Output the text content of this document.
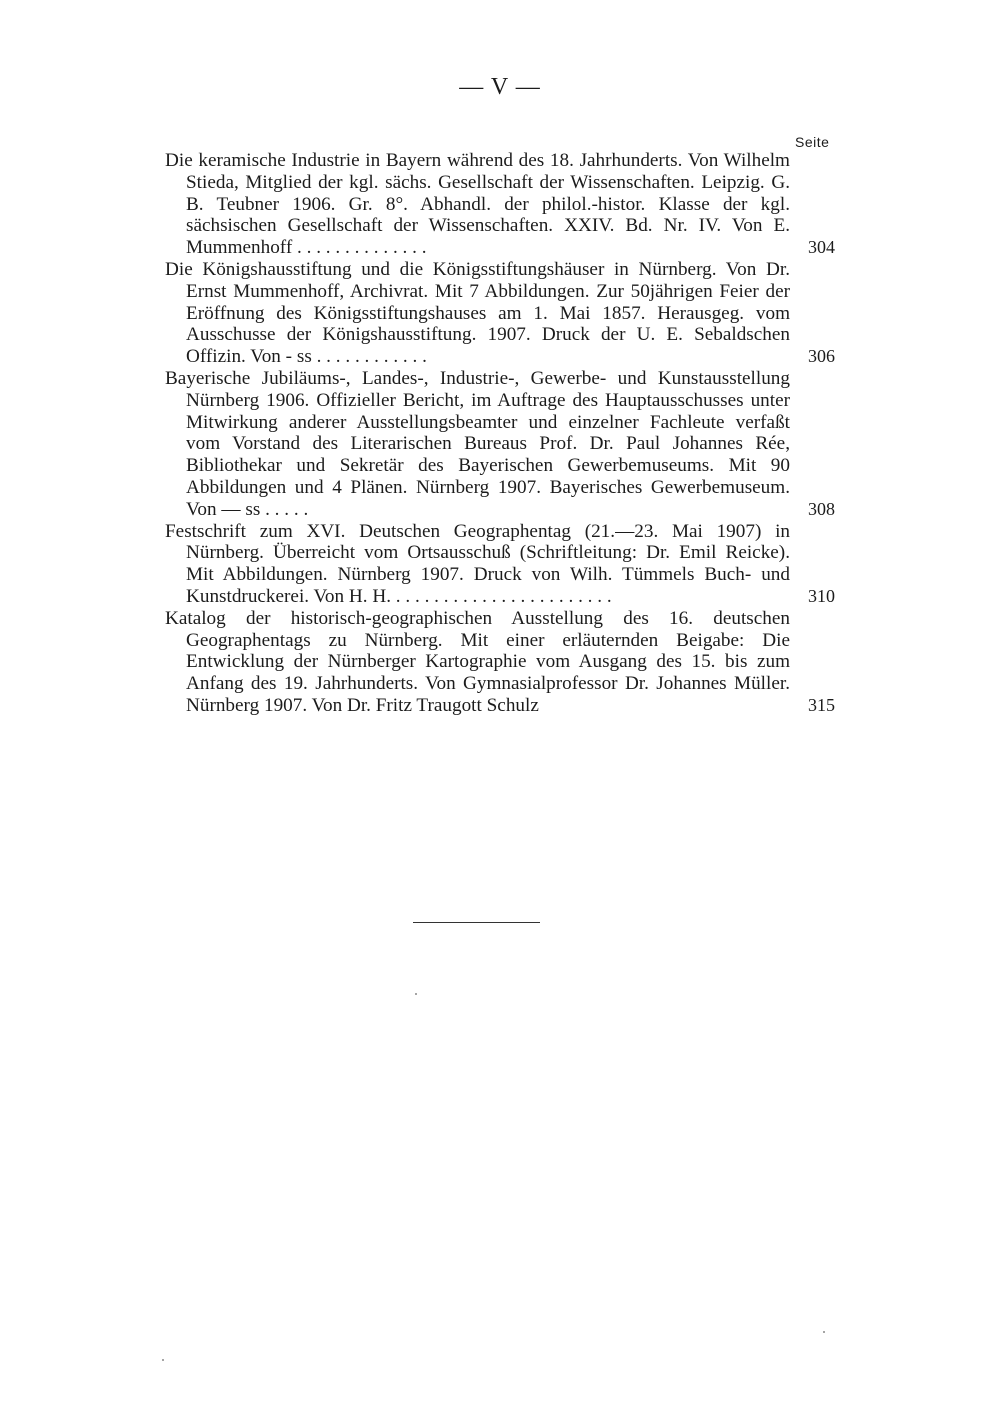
— V —
Seite
Die keramische Industrie in Bayern während des 18. Jahrhunderts. Von Wilhelm Stieda, Mitglied der kgl. sächs. Gesellschaft der Wissenschaften. Leipzig. G. B. Teubner 1906. Gr. 8°. Abhandl. der philol.-histor. Klasse der kgl. sächsischen Gesellschaft der Wissenschaften. XXIV. Bd. Nr. IV. Von E. Mummenhoff . . . . . . . . . . . . . .	304
Die Königshausstiftung und die Königsstiftungshäuser in Nürnberg. Von Dr. Ernst Mummenhoff, Archivrat. Mit 7 Abbildungen. Zur 50jährigen Feier der Eröffnung des Königsstiftungshauses am 1. Mai 1857. Herausgeg. vom Ausschusse der Königshausstiftung. 1907. Druck der U. E. Sebaldschen Offizin. Von - ss . . . . . . . . . . . .	306
Bayerische Jubiläums-, Landes-, Industrie-, Gewerbe- und Kunstausstellung Nürnberg 1906. Offizieller Bericht, im Auftrage des Hauptausschusses unter Mitwirkung anderer Ausstellungsbeamter und einzelner Fachleute verfaßt vom Vorstand des Literarischen Bureaus Prof. Dr. Paul Johannes Rée, Bibliothekar und Sekretär des Bayerischen Gewerbemuseums. Mit 90 Abbildungen und 4 Plänen. Nürnberg 1907. Bayerisches Gewerbemuseum. Von — ss . . . . .	308
Festschrift zum XVI. Deutschen Geographentag (21.—23. Mai 1907) in Nürnberg. Überreicht vom Ortsausschuß (Schriftleitung: Dr. Emil Reicke). Mit Abbildungen. Nürnberg 1907. Druck von Wilh. Tümmels Buch- und Kunstdruckerei. Von H. H. . . . . . . . . . . . . . . . . . . . . . . .	310
Katalog der historisch-geographischen Ausstellung des 16. deutschen Geographentags zu Nürnberg. Mit einer erläuternden Beigabe: Die Entwicklung der Nürnberger Kartographie vom Ausgang des 15. bis zum Anfang des 19. Jahrhunderts. Von Gymnasialprofessor Dr. Johannes Müller. Nürnberg 1907. Von Dr. Fritz Traugott Schulz	315
